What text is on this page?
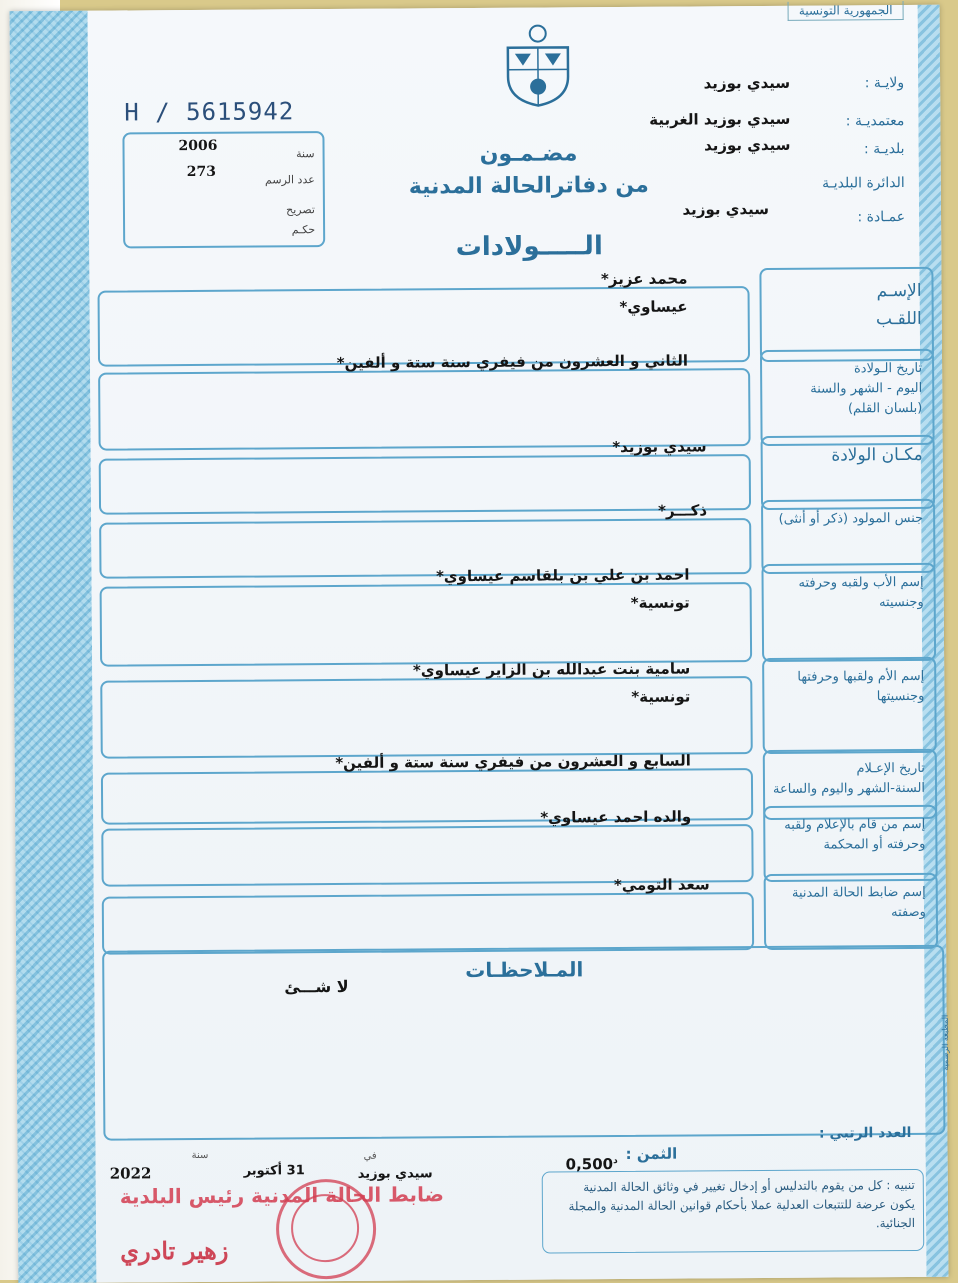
الجمهورية التونسية
ولايـة :
سيدي بوزيد
معتمديـة :
سيدي بوزيد الغربية
بلديـة :
سيدي بوزيد
الدائرة البلديـة
عمـادة :
سيدي بوزيد
H / 5615942
2006
273
سنة
عدد الرسم
تصريح
حكـم
مضـمـون
من دفاترالحالة المدنية
الـــــولادات
الإسـم
اللقـب
محمد عزيز*
عيساوي*
تاريخ الـولادة
اليوم - الشهر والسنة
(بلسان القلم)
الثاني و العشرون من فيفري سنة ستة و ألفين*
مكـان الولادة
سيدي بوزيد*
جنس المولود (ذكر أو أنثى)
ذكـــر*
إسم الأب ولقبه وحرفته
وجنسيته
احمد بن علي بن بلقاسم عيساوي*
تونسية*
إسم الأم ولقبها وحرفتها
وجنسيتها
سامية بنت عبدالله بن الزاير عيساوي*
تونسية*
تاريخ الإعـلام
السنة-الشهر واليوم والساعة
السابع و العشرون من فيفري سنة ستة و ألفين*
إسم من قام بالإعلام ولقبه
وحرفته أو المحكمة
والده احمد عيساوي*
إسم ضابط الحالة المدنية
وصفته
سعد التومي*
المـلاحظـات
لا شـــئ
العدد الرتبي :
الثمن :
$0,500^د$
سيدي بوزيد
في
31 أكتوبر
سنة
2022
ضابط الحالة المدنية رئيس البلدية
زهير تادري
تنبيه : كل من يقوم بالتدليس أو إدخال تغيير في وثائق الحالة المدنية يكون عرضة للتتبعات العدلية عملا بأحكام قوانين الحالة المدنية والمجلة الجنائية.
المطبعة الرسمية
